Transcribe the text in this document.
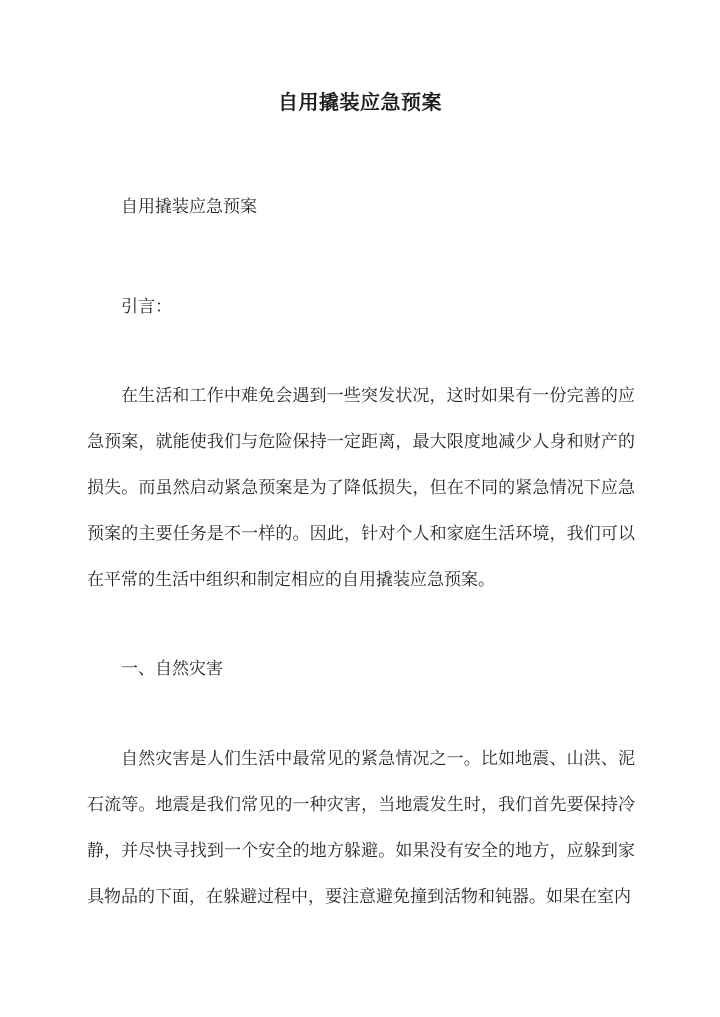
自用撬装应急预案

自用撬装应急预案

引言：

在生活和工作中难免会遇到一些突发状况，这时如果有一份完善的应急预案，就能使我们与危险保持一定距离，最大限度地减少人身和财产的损失。而虽然启动紧急预案是为了降低损失，但在不同的紧急情况下应急预案的主要任务是不一样的。因此，针对个人和家庭生活环境，我们可以在平常的生活中组织和制定相应的自用撬装应急预案。

一、自然灾害

自然灾害是人们生活中最常见的紧急情况之一。比如地震、山洪、泥石流等。地震是我们常见的一种灾害，当地震发生时，我们首先要保持冷静，并尽快寻找到一个安全的地方躲避。如果没有安全的地方，应躲到家具物品的下面，在躲避过程中，要注意避免撞到活物和钝器。如果在室内
